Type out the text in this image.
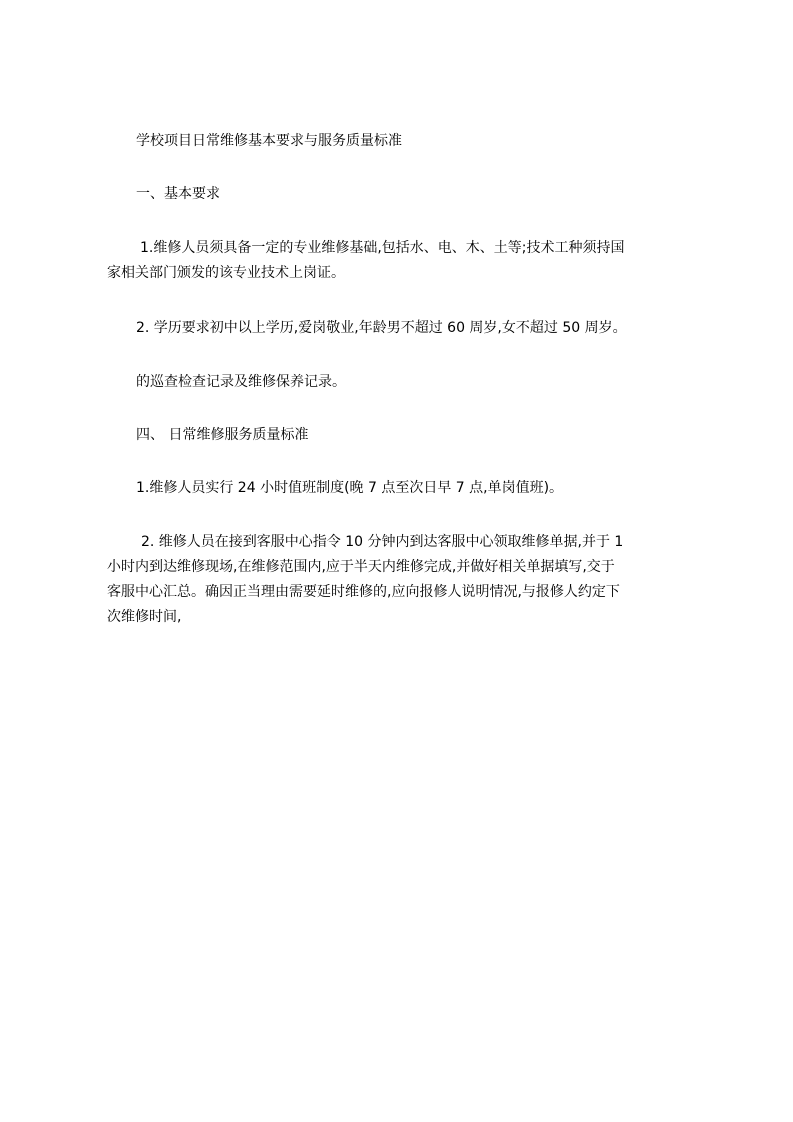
学校项目日常维修基本要求与服务质量标准

一、基本要求

1.维修人员须具备一定的专业维修基础,包括水、电、木、土等;技术工种须持国
家相关部门颁发的该专业技术上岗证。

2. 学历要求初中以上学历,爱岗敬业,年龄男不超过 60 周岁,女不超过 50 周岁。

的巡查检查记录及维修保养记录。

四、 日常维修服务质量标准

1.维修人员实行 24 小时值班制度(晚 7 点至次日早 7 点,单岗值班)。

2. 维修人员在接到客服中心指令 10 分钟内到达客服中心领取维修单据,并于 1
小时内到达维修现场,在维修范围内,应于半天内维修完成,并做好相关单据填写,交于
客服中心汇总。确因正当理由需要延时维修的,应向报修人说明情况,与报修人约定下
次维修时间,
